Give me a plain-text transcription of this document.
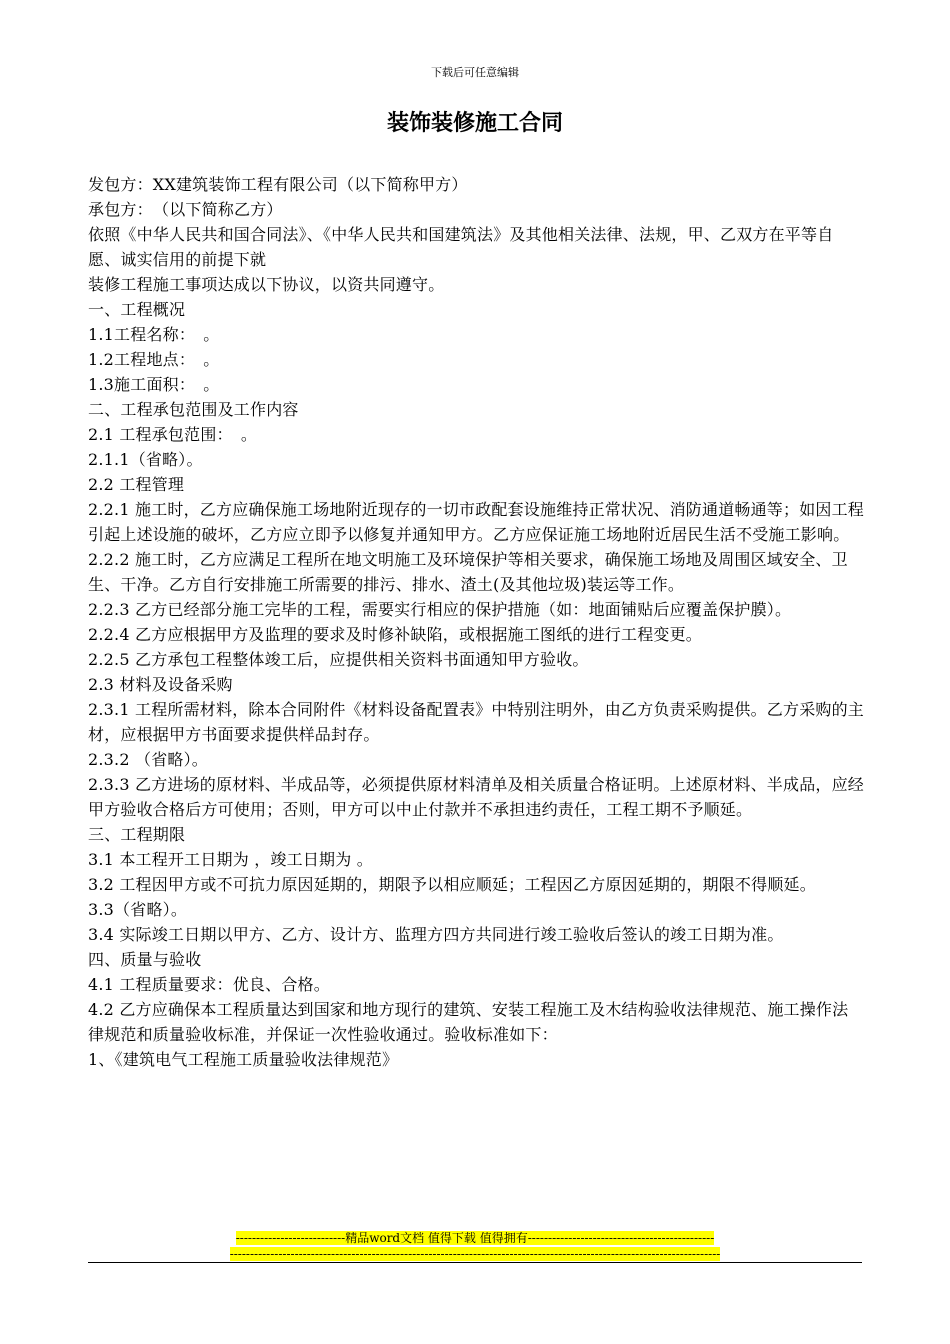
下载后可任意编辑
装饰装修施工合同

发包方：XX建筑装饰工程有限公司（以下简称甲方）

承包方：　（以下简称乙方）

依照《中华人民共和国合同法》、《中华人民共和国建筑法》及其他相关法律、法规，甲、乙双方在平等自愿、诚实信用的前提下就

装修工程施工事项达成以下协议，以资共同遵守。

一、工程概况

1.1工程名称：　。

1.2工程地点：　。

1.3施工面积：　。

二、工程承包范围及工作内容

2.1 工程承包范围：　。

2.1.1（省略）。

2.2 工程管理

2.2.1 施工时，乙方应确保施工场地附近现存的一切市政配套设施维持正常状况、消防通道畅通等；如因工程引起上述设施的破坏，乙方应立即予以修复并通知甲方。乙方应保证施工场地附近居民生活不受施工影响。

2.2.2 施工时，乙方应满足工程所在地文明施工及环境保护等相关要求，确保施工场地及周围区域安全、卫生、干净。乙方自行安排施工所需要的排污、排水、渣土(及其他垃圾)装运等工作。

2.2.3 乙方已经部分施工完毕的工程，需要实行相应的保护措施（如：地面铺贴后应覆盖保护膜）。

2.2.4 乙方应根据甲方及监理的要求及时修补缺陷，或根据施工图纸的进行工程变更。

2.2.5 乙方承包工程整体竣工后，应提供相关资料书面通知甲方验收。

2.3 材料及设备采购

2.3.1 工程所需材料，除本合同附件《材料设备配置表》中特别注明外，由乙方负责采购提供。乙方采购的主材，应根据甲方书面要求提供样品封存。

2.3.2 （省略）。

2.3.3 乙方进场的原材料、半成品等，必须提供原材料清单及相关质量合格证明。上述原材料、半成品，应经甲方验收合格后方可使用；否则，甲方可以中止付款并不承担违约责任，工程工期不予顺延。

三、工程期限

3.1 本工程开工日期为 ，竣工日期为 。

3.2 工程因甲方或不可抗力原因延期的，期限予以相应顺延；工程因乙方原因延期的，期限不得顺延。

3.3（省略）。

3.4 实际竣工日期以甲方、乙方、设计方、监理方四方共同进行竣工验收后签认的竣工日期为准。

四、质量与验收

4.1 工程质量要求：优良、合格。

4.2 乙方应确保本工程质量达到国家和地方现行的建筑、安装工程施工及木结构验收法律规范、施工操作法律规范和质量验收标准，并保证一次性验收通过。验收标准如下：

1、《建筑电气工程施工质量验收法律规范》

---------------------------精品word文档 值得下载 值得拥有----------------------------------------------
-------------------------------------------------------------------------------------------------------------------------
